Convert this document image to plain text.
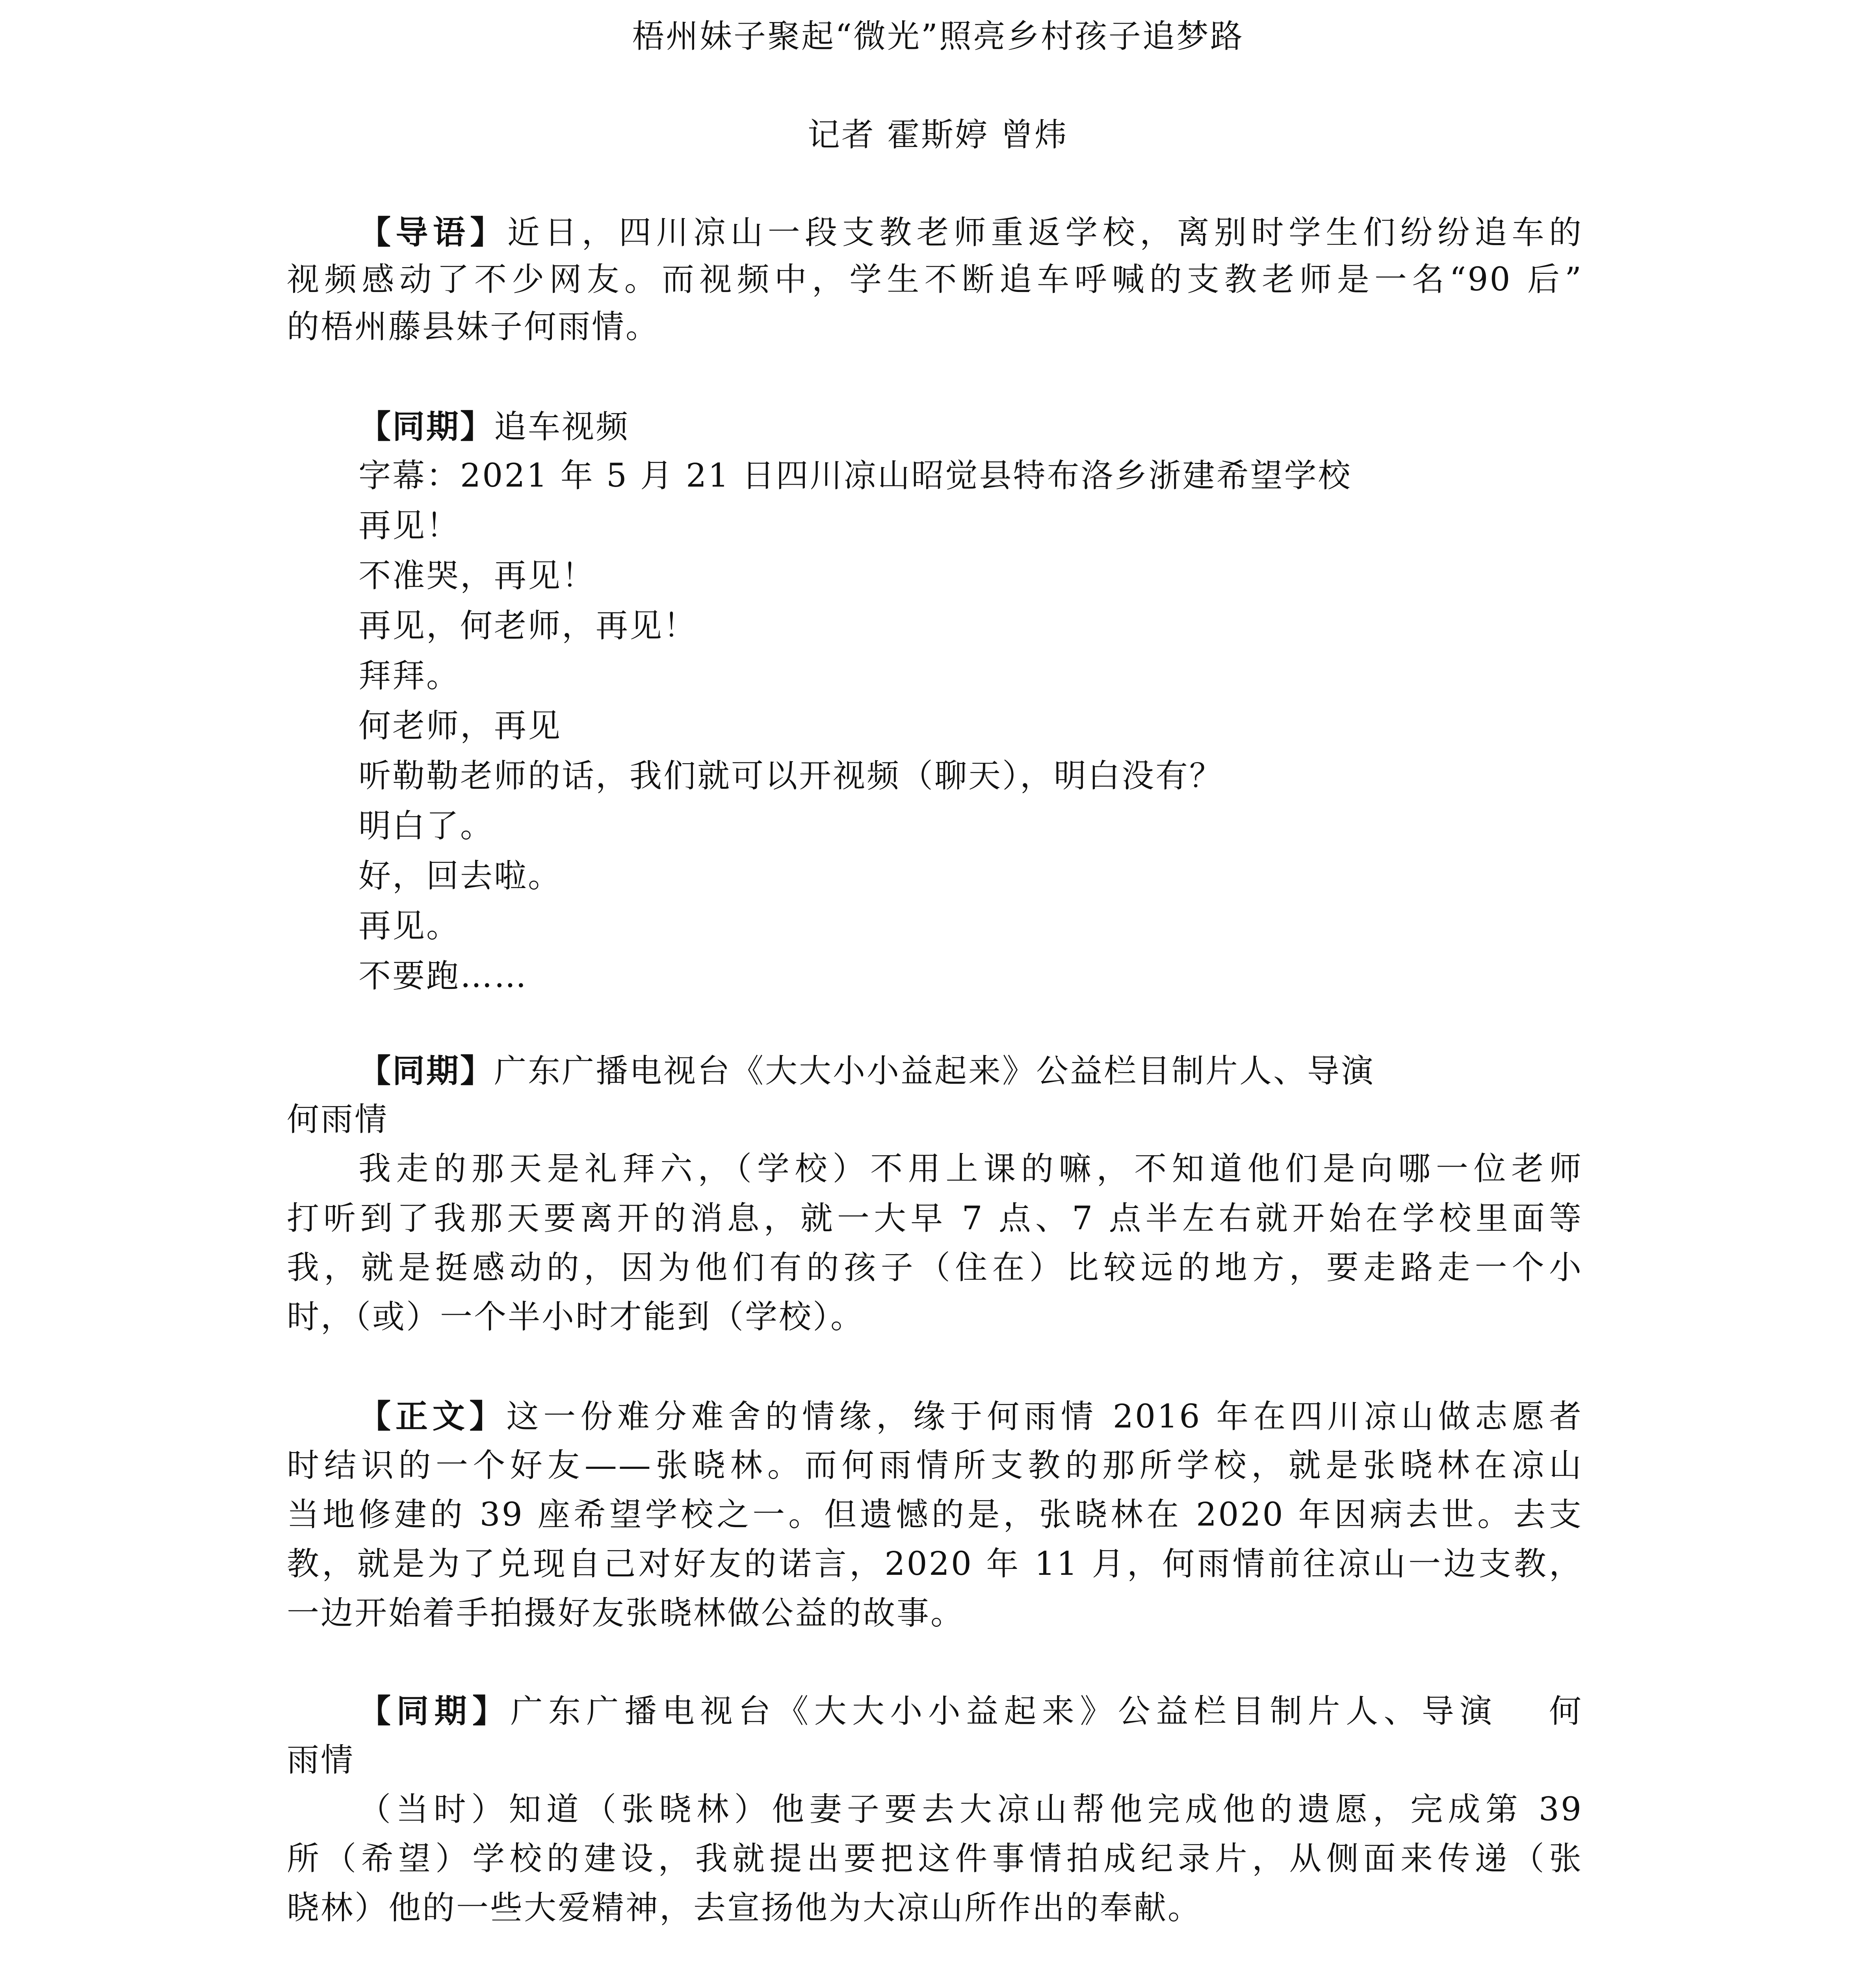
梧州妹子聚起“微光”照亮乡村孩子追梦路
记者 霍斯婷 曾炜
【导语】近日，四川凉山一段支教老师重返学校，离别时学生们纷纷追车的
视频感动了不少网友。而视频中，学生不断追车呼喊的支教老师是一名“90 后”
的梧州藤县妹子何雨情。
【同期】追车视频
字幕：2021 年 5 月 21 日四川凉山昭觉县特布洛乡浙建希望学校
再见！
不准哭，再见！
再见，何老师，再见！
拜拜。
何老师，再见
听勒勒老师的话，我们就可以开视频（聊天），明白没有？
明白了。
好，回去啦。
再见。
不要跑……
【同期】广东广播电视台《大大小小益起来》公益栏目制片人、导演
何雨情
我走的那天是礼拜六，（学校）不用上课的嘛，不知道他们是向哪一位老师
打听到了我那天要离开的消息，就一大早 7 点、7 点半左右就开始在学校里面等
我，就是挺感动的，因为他们有的孩子（住在）比较远的地方，要走路走一个小
时，（或）一个半小时才能到（学校）。
【正文】这一份难分难舍的情缘，缘于何雨情 2016 年在四川凉山做志愿者
时结识的一个好友——张晓林。而何雨情所支教的那所学校，就是张晓林在凉山
当地修建的 39 座希望学校之一。但遗憾的是，张晓林在 2020 年因病去世。去支
教，就是为了兑现自己对好友的诺言，2020 年 11 月，何雨情前往凉山一边支教，
一边开始着手拍摄好友张晓林做公益的故事。
【同期】广东广播电视台《大大小小益起来》公益栏目制片人、导演 何
雨情
（当时）知道（张晓林）他妻子要去大凉山帮他完成他的遗愿，完成第 39
所（希望）学校的建设，我就提出要把这件事情拍成纪录片，从侧面来传递（张
晓林）他的一些大爱精神，去宣扬他为大凉山所作出的奉献。
